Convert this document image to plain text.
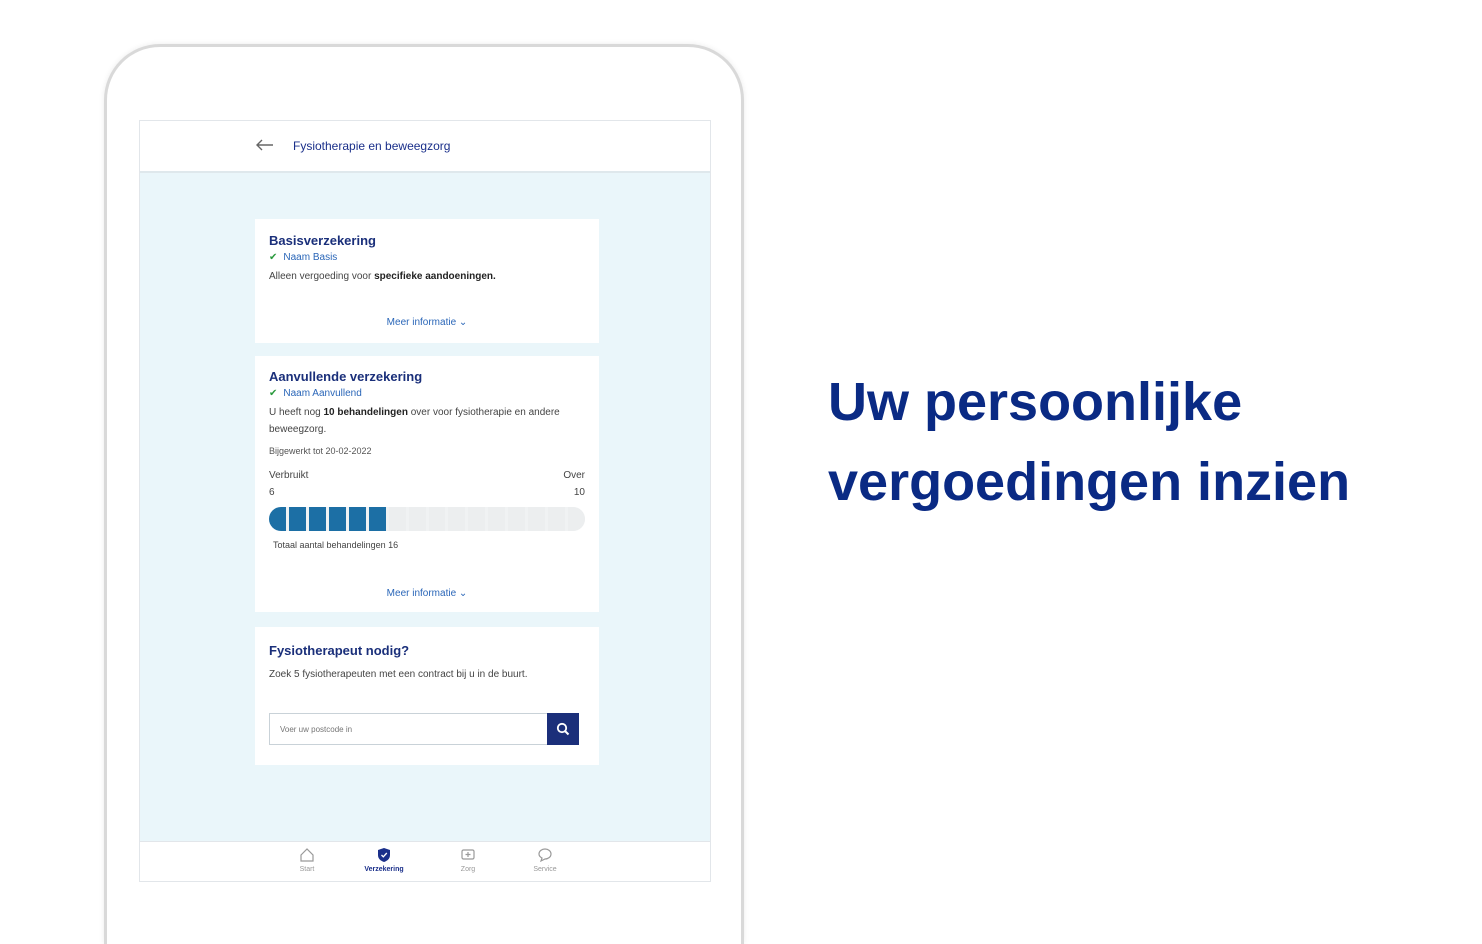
Fysiotherapie en beweegzorg
Basisverzekering
✔ Naam Basis
Alleen vergoeding voor specifieke aandoeningen.
Meer informatie ⌄
Aanvullende verzekering
✔ Naam Aanvullend
U heeft nog 10 behandelingen over voor fysiotherapie en andere beweegzorg.
Bijgewerkt tot 20-02-2022
Verbruikt	Over
6	10
Totaal aantal behandelingen 16
Meer informatie ⌄
Fysiotherapeut nodig?
Zoek 5 fysiotherapeuten met een contract bij u in de buurt.
Voer uw postcode in
Start	Verzekering	Zorg	Service
Uw persoonlijke
vergoedingen inzien
